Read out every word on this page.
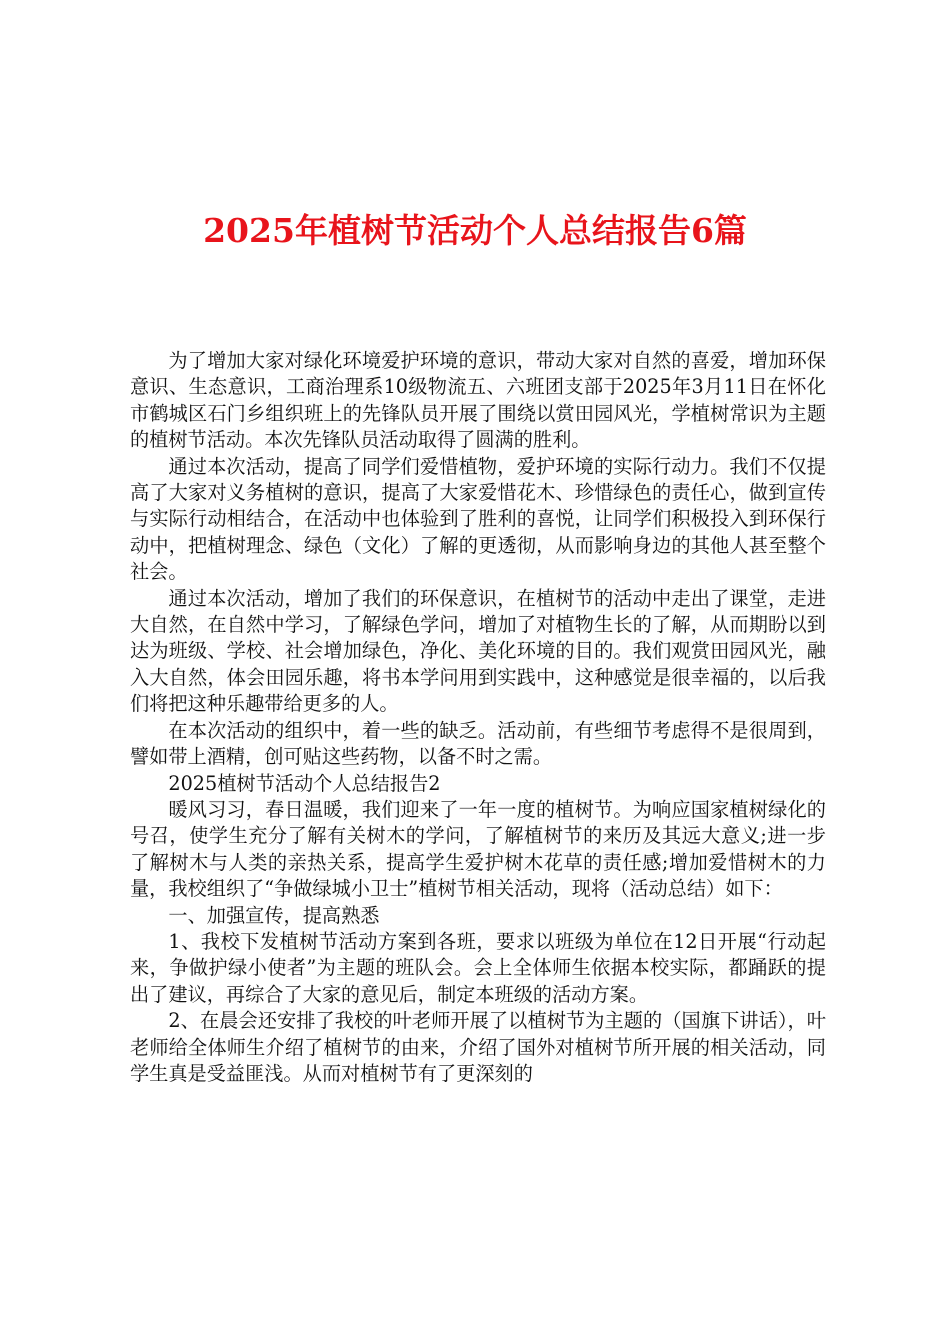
2025年植树节活动个人总结报告6篇

为了增加大家对绿化环境爱护环境的意识，带动大家对自然的喜爱，增加环保意识、生态意识，工商治理系10级物流五、六班团支部于2025年3月11日在怀化市鹤城区石门乡组织班上的先锋队员开展了围绕以赏田园风光，学植树常识为主题的植树节活动。本次先锋队员活动取得了圆满的胜利。

通过本次活动，提高了同学们爱惜植物，爱护环境的实际行动力。我们不仅提高了大家对义务植树的意识，提高了大家爱惜花木、珍惜绿色的责任心，做到宣传与实际行动相结合，在活动中也体验到了胜利的喜悦，让同学们积极投入到环保行动中，把植树理念、绿色（文化）了解的更透彻，从而影响身边的其他人甚至整个社会。

通过本次活动，增加了我们的环保意识，在植树节的活动中走出了课堂，走进大自然，在自然中学习，了解绿色学问，增加了对植物生长的了解，从而期盼以到达为班级、学校、社会增加绿色，净化、美化环境的目的。我们观赏田园风光，融入大自然，体会田园乐趣，将书本学问用到实践中，这种感觉是很幸福的，以后我们将把这种乐趣带给更多的人。

在本次活动的组织中，着一些的缺乏。活动前，有些细节考虑得不是很周到，譬如带上酒精，创可贴这些药物，以备不时之需。

2025植树节活动个人总结报告2

暖风习习，春日温暖，我们迎来了一年一度的植树节。为响应国家植树绿化的号召，使学生充分了解有关树木的学问，了解植树节的来历及其远大意义;进一步了解树木与人类的亲热关系，提高学生爱护树木花草的责任感;增加爱惜树木的力量，我校组织了“争做绿城小卫士”植树节相关活动，现将（活动总结）如下：

一、加强宣传，提高熟悉

1、我校下发植树节活动方案到各班，要求以班级为单位在12日开展“行动起来，争做护绿小使者”为主题的班队会。会上全体师生依据本校实际，都踊跃的提出了建议，再综合了大家的意见后，制定本班级的活动方案。

2、在晨会还安排了我校的叶老师开展了以植树节为主题的（国旗下讲话），叶老师给全体师生介绍了植树节的由来，介绍了国外对植树节所开展的相关活动，同学生真是受益匪浅。从而对植树节有了更深刻的
